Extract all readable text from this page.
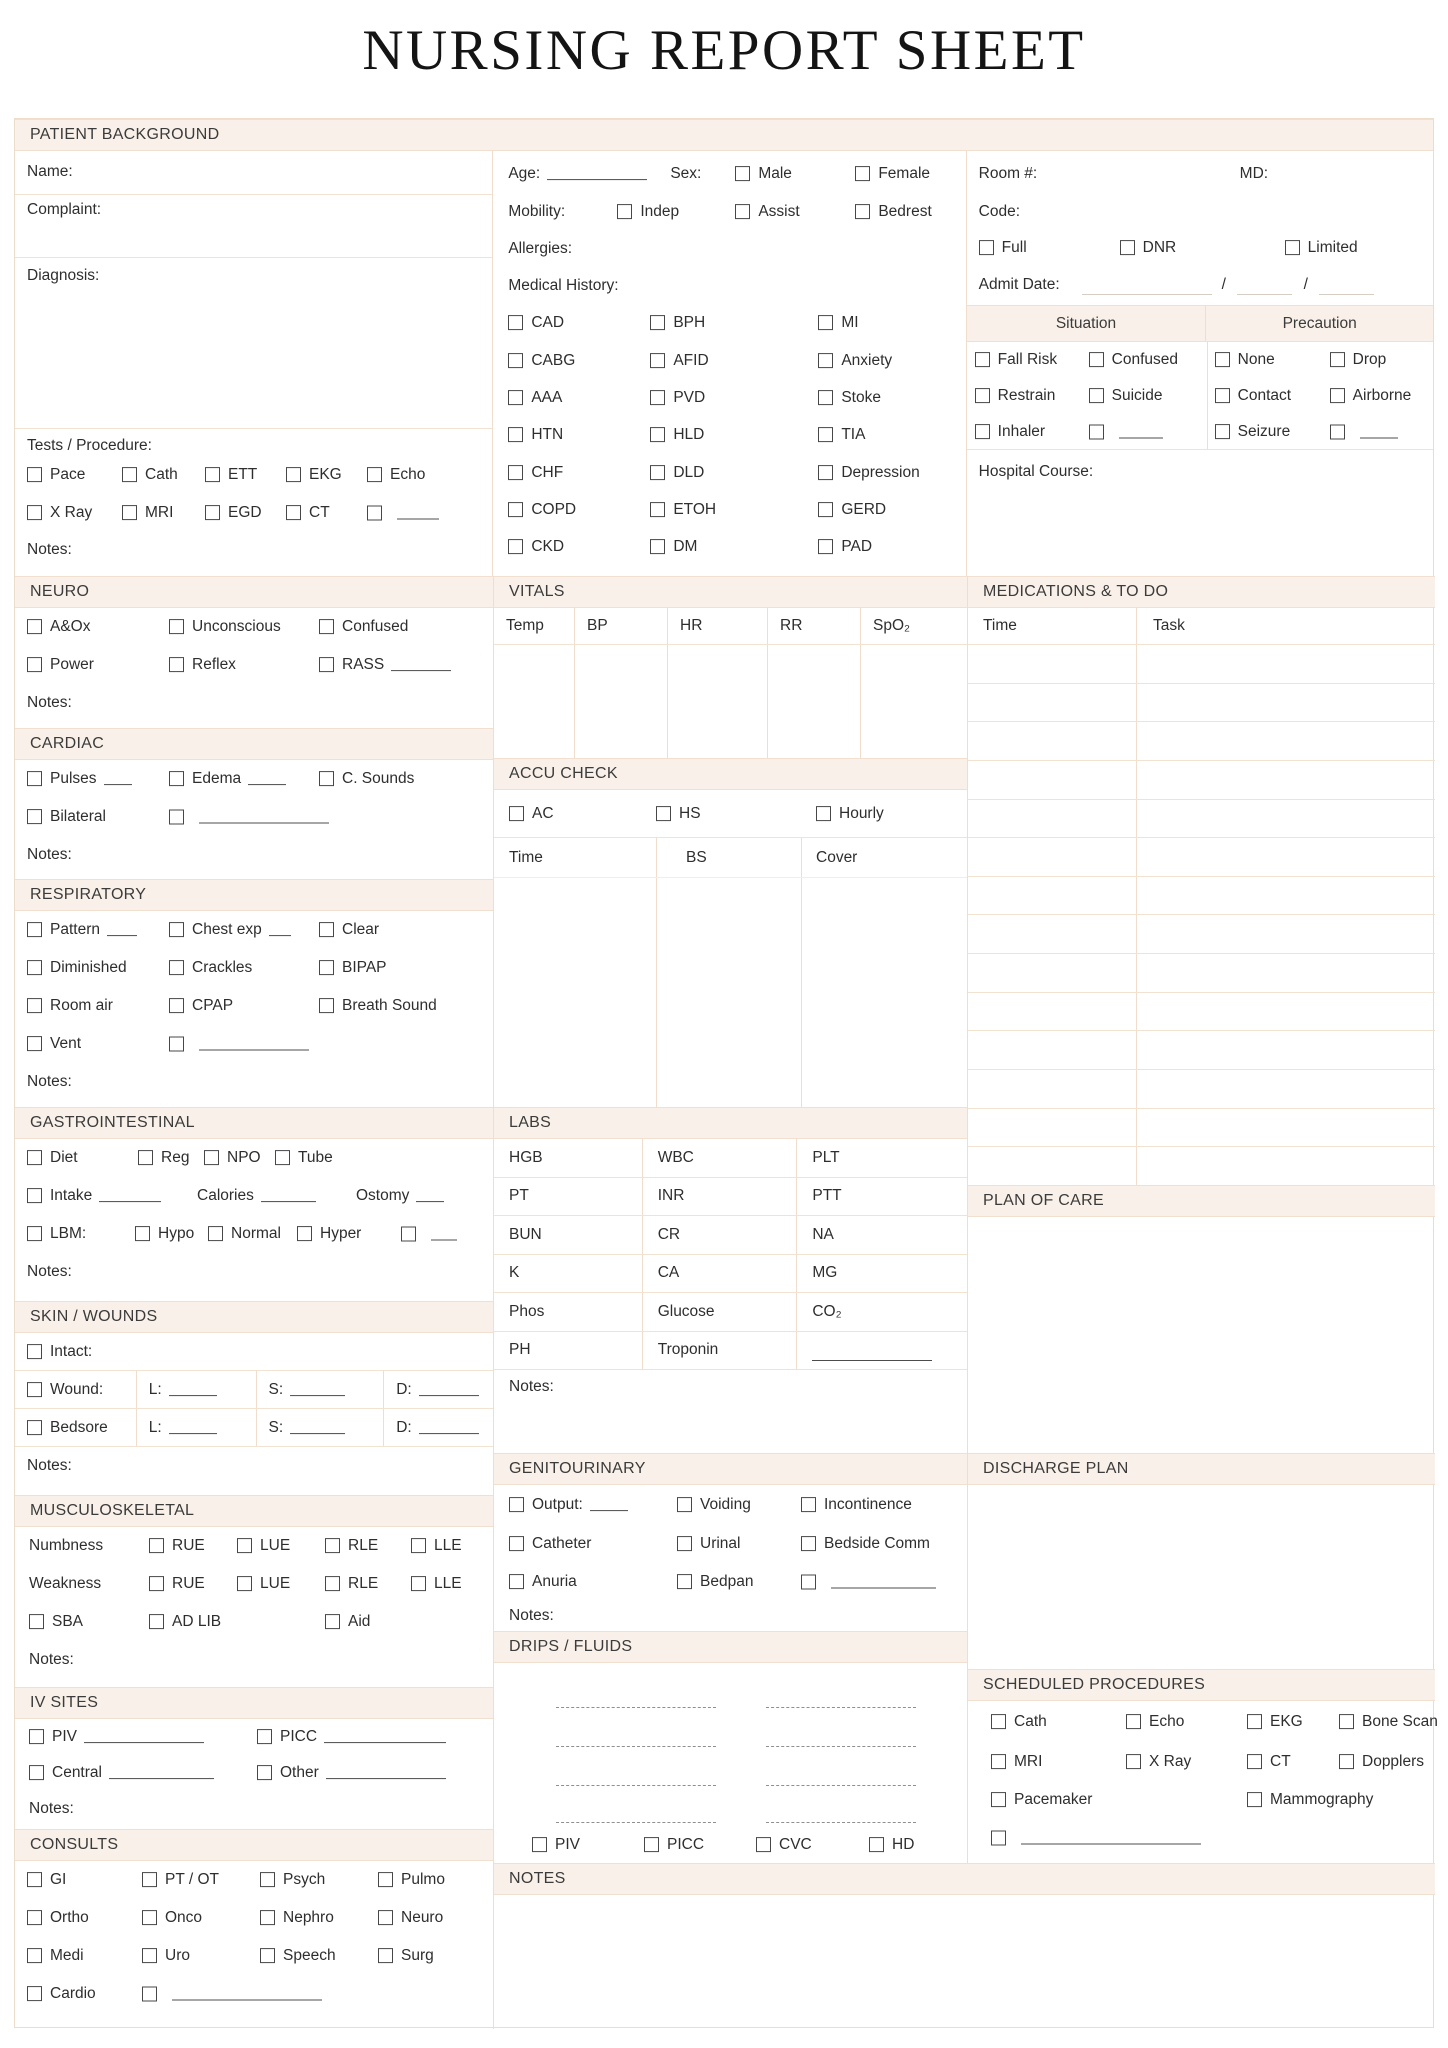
NURSING REPORT SHEET
PATIENT BACKGROUND
Name:
Complaint:
Diagnosis:
Tests / Procedure:
Pace	Cath	ETT	EKG	Echo
X Ray	MRI	EGD	CT
Notes:
Age:	Sex:	Male	Female
Mobility:	Indep	Assist	Bedrest
Allergies:
Medical History:
CAD	BPH	MI
CABG	AFID	Anxiety
AAA	PVD	Stoke
HTN	HLD	TIA
CHF	DLD	Depression
COPD	ETOH	GERD
CKD	DM	PAD
Room #:	MD:
Code:
Full	DNR	Limited
Admit Date:	/	/
Situation	Precaution
Fall Risk	Confused	None	Drop
Restrain	Suicide	Contact	Airborne
Inhaler	Seizure
Hospital Course:
NEURO
A&Ox	Unconscious	Confused
Power	Reflex	RASS
Notes:
CARDIAC
Pulses	Edema	C. Sounds
Bilateral
Notes:
RESPIRATORY
Pattern	Chest exp	Clear
Diminished	Crackles	BIPAP
Room air	CPAP	Breath Sound
Vent
Notes:
GASTROINTESTINAL
Diet	Reg	NPO	Tube
Intake	Calories	Ostomy
LBM:	Hypo	Normal	Hyper
Notes:
SKIN / WOUNDS
Intact:
Wound:	L:	S:	D:
Bedsore	L:	S:	D:
Notes:
MUSCULOSKELETAL
Numbness	RUE	LUE	RLE	LLE
Weakness	RUE	LUE	RLE	LLE
SBA	AD LIB	Aid
Notes:
IV SITES
PIV	PICC
Central	Other
Notes:
CONSULTS
GI	PT / OT	Psych	Pulmo
Ortho	Onco	Nephro	Neuro
Medi	Uro	Speech	Surg
Cardio
VITALS
Temp	BP	HR	RR	SpO₂
ACCU CHECK
AC	HS	Hourly
Time	BS	Cover
LABS
HGB	WBC	PLT
PT	INR	PTT
BUN	CR	NA
K	CA	MG
Phos	Glucose	CO₂
PH	Troponin
Notes:
GENITOURINARY
Output:	Voiding	Incontinence
Catheter	Urinal	Bedside Comm
Anuria	Bedpan
Notes:
DRIPS / FLUIDS
PIV	PICC	CVC	HD
MEDICATIONS & TO DO
Time	Task
PLAN OF CARE
DISCHARGE PLAN
SCHEDULED PROCEDURES
Cath	Echo	EKG	Bone Scan
MRI	X Ray	CT	Dopplers
Pacemaker	Mammography
NOTES
